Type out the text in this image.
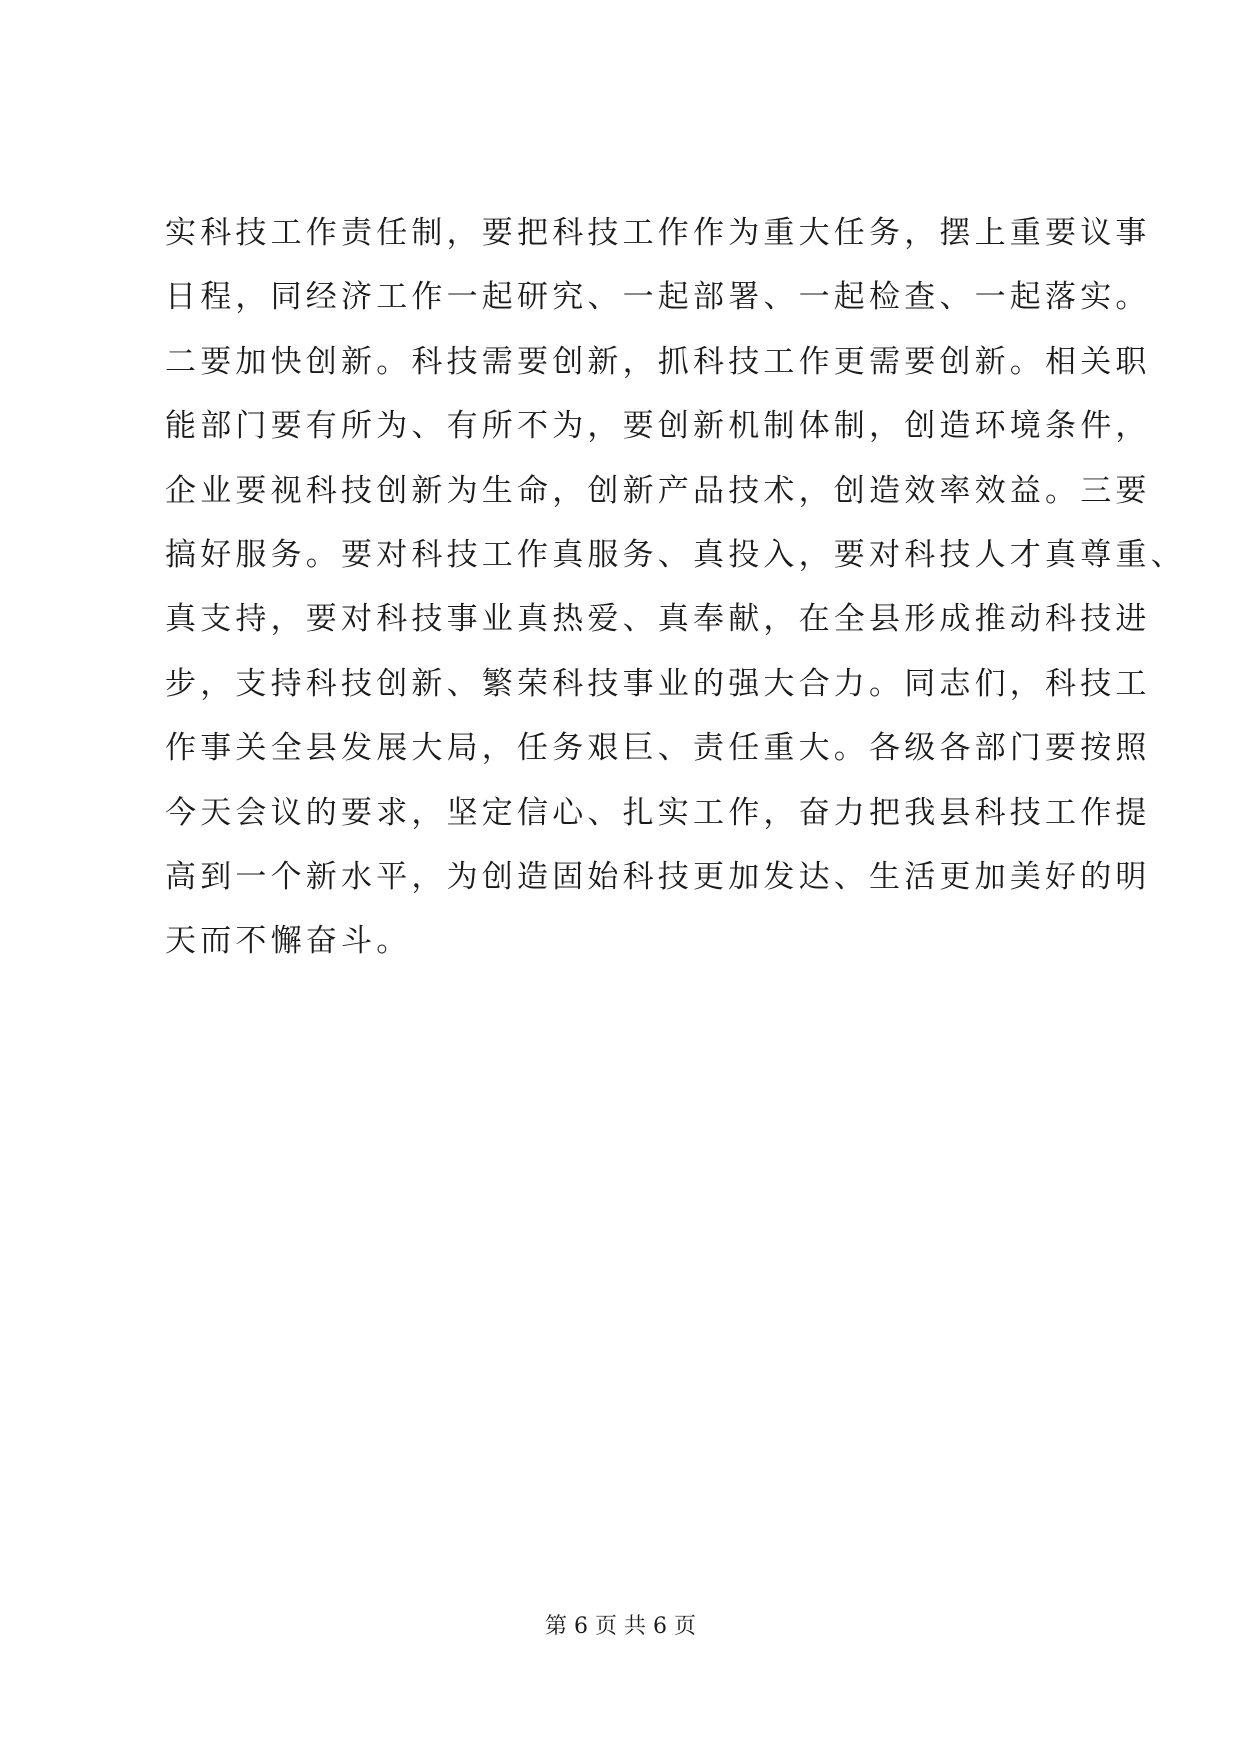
实科技工作责任制，要把科技工作作为重大任务，摆上重要议事
日程，同经济工作一起研究、一起部署、一起检查、一起落实。
二要加快创新。科技需要创新，抓科技工作更需要创新。相关职
能部门要有所为、有所不为，要创新机制体制，创造环境条件，
企业要视科技创新为生命，创新产品技术，创造效率效益。三要
搞好服务。要对科技工作真服务、真投入，要对科技人才真尊重、
真支持，要对科技事业真热爱、真奉献，在全县形成推动科技进
步，支持科技创新、繁荣科技事业的强大合力。同志们，科技工
作事关全县发展大局，任务艰巨、责任重大。各级各部门要按照
今天会议的要求，坚定信心、扎实工作，奋力把我县科技工作提
高到一个新水平，为创造固始科技更加发达、生活更加美好的明
天而不懈奋斗。
第 6 页 共 6 页
